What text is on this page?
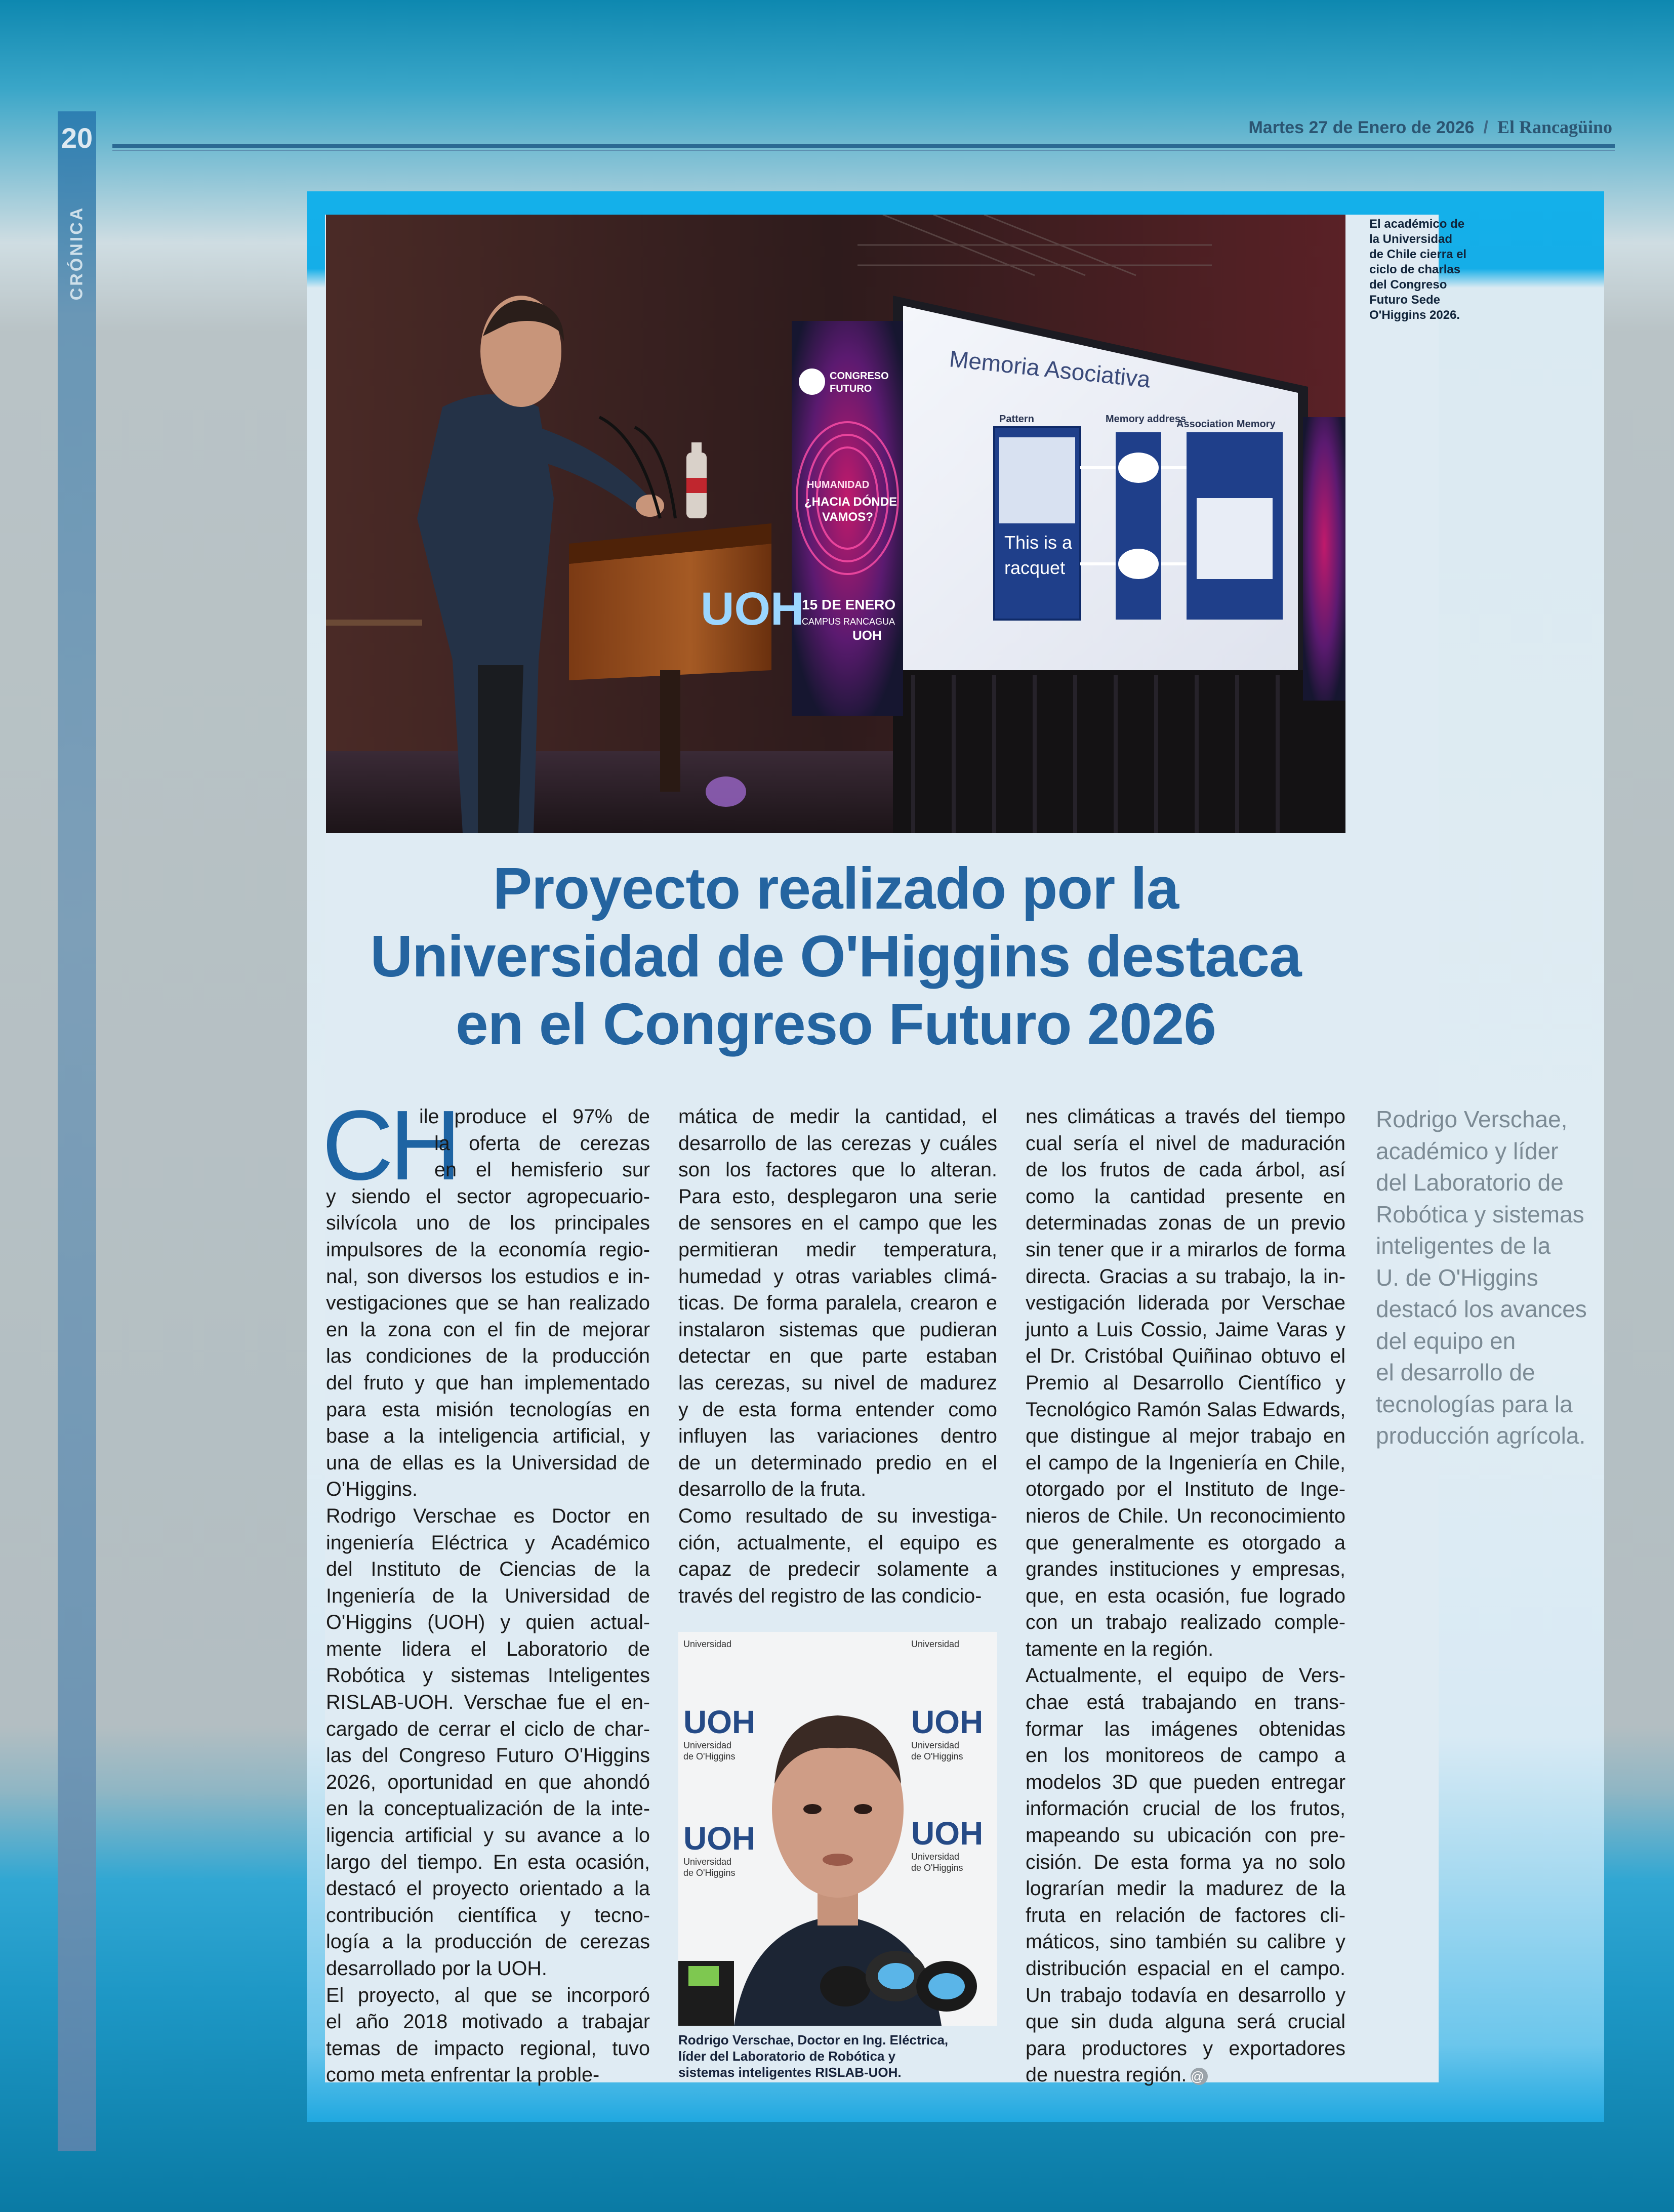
20
CRÓNICA
Martes 27 de Enero de 2026 / El Rancagüino
Memoria Asociativa
This is a
racquet
Pattern	Memory address
Association Memory
CONGRESO
FUTURO
HUMANIDAD
¿HACIA DÓNDE
VAMOS?
15 DE ENERO
CAMPUS RANCAGUA
UOH
UOH
El académico de
la Universidad
de Chile cierra el
ciclo de charlas
del Congreso
Futuro Sede
O'Higgins 2026.
Proyecto realizado por la
Universidad de O'Higgins destaca
en el Congreso Futuro 2026
CH
ile produce el 97% de
la oferta de cerezas
en el hemisferio sur
y siendo el sector agropecuario-
silvícola uno de los principales
impulsores de la economía regio-
nal, son diversos los estudios e in-
vestigaciones que se han realizado
en la zona con el fin de mejorar
las condiciones de la producción
del fruto y que han implementado
para esta misión tecnologías en
base a la inteligencia artificial, y
una de ellas es la Universidad de
O'Higgins.
Rodrigo Verschae es Doctor en
ingeniería Eléctrica y Académico
del Instituto de Ciencias de la
Ingeniería de la Universidad de
O'Higgins (UOH) y quien actual-
mente lidera el Laboratorio de
Robótica y sistemas Inteligentes
RISLAB-UOH. Verschae fue el en-
cargado de cerrar el ciclo de char-
las del Congreso Futuro O'Higgins
2026, oportunidad en que ahondó
en la conceptualización de la inte-
ligencia artificial y su avance a lo
largo del tiempo. En esta ocasión,
destacó el proyecto orientado a la
contribución científica y tecno-
logía a la producción de cerezas
desarrollado por la UOH.
El proyecto, al que se incorporó
el año 2018 motivado a trabajar
temas de impacto regional, tuvo
como meta enfrentar la proble-
mática de medir la cantidad, el
desarrollo de las cerezas y cuáles
son los factores que lo alteran.
Para esto, desplegaron una serie
de sensores en el campo que les
permitieran medir temperatura,
humedad y otras variables climá-
ticas. De forma paralela, crearon e
instalaron sistemas que pudieran
detectar en que parte estaban
las cerezas, su nivel de madurez
y de esta forma entender como
influyen las variaciones dentro
de un determinado predio en el
desarrollo de la fruta.
Como resultado de su investiga-
ción, actualmente, el equipo es
capaz de predecir solamente a
través del registro de las condicio-
nes climáticas a través del tiempo
cual sería el nivel de maduración
de los frutos de cada árbol, así
como la cantidad presente en
determinadas zonas de un previo
sin tener que ir a mirarlos de forma
directa. Gracias a su trabajo, la in-
vestigación liderada por Verschae
junto a Luis Cossio, Jaime Varas y
el Dr. Cristóbal Quiñinao obtuvo el
Premio al Desarrollo Científico y
Tecnológico Ramón Salas Edwards,
que distingue al mejor trabajo en
el campo de la Ingeniería en Chile,
otorgado por el Instituto de Inge-
nieros de Chile. Un reconocimiento
que generalmente es otorgado a
grandes instituciones y empresas,
que, en esta ocasión, fue logrado
con un trabajo realizado comple-
tamente en la región.
Actualmente, el equipo de Vers-
chae está trabajando en trans-
formar las imágenes obtenidas
en los monitoreos de campo a
modelos 3D que pueden entregar
información crucial de los frutos,
mapeando su ubicación con pre-
cisión. De esta forma ya no solo
lograrían medir la madurez de la
fruta en relación de factores cli-
máticos, sino también su calibre y
distribución espacial en el campo.
Un trabajo todavía en desarrollo y
que sin duda alguna será crucial
para productores y exportadores
de nuestra región. @
UOH
Universidad
de O'Higgins
UOH
Universidad
de O'Higgins
UOH
Universidad
de O'Higgins
UOH
Universidad
de O'Higgins
Universidad	Universidad
Rodrigo Verschae, Doctor en Ing. Eléctrica,
líder del Laboratorio de Robótica y
sistemas inteligentes RISLAB-UOH.
Rodrigo Verschae,
académico y líder
del Laboratorio de
Robótica y sistemas
inteligentes de la
U. de O'Higgins
destacó los avances
del equipo en
el desarrollo de
tecnologías para la
producción agrícola.
